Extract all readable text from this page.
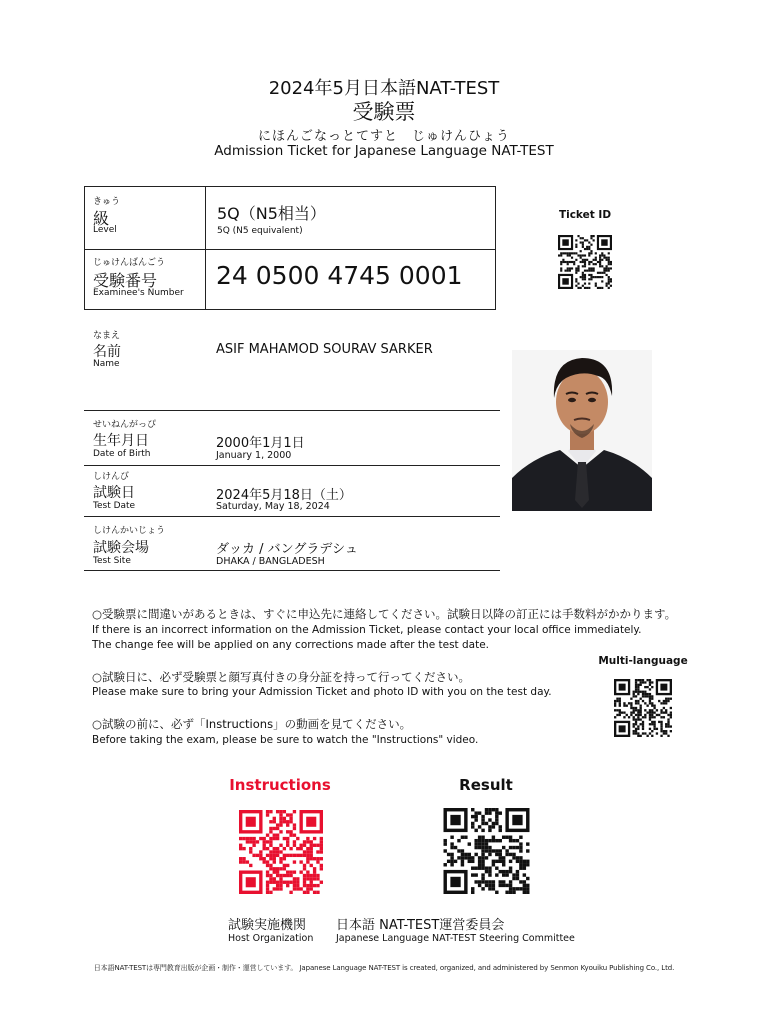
2024年5月日本語NAT-TEST
受験票
にほんごなっとてすと　じゅけんひょう
Admission Ticket for Japanese Language NAT-TEST
きゅう
級
Level
5Q（N5相当）
5Q (N5 equivalent)
じゅけんばんごう
受験番号
Examinee's Number
24 0500 4745 0001
Ticket ID
なまえ
名前
Name
ASIF MAHAMOD SOURAV SARKER
せいねんがっぴ
生年月日
Date of Birth
2000年1月1日
January 1, 2000
しけんび
試験日
Test Date
2024年5月18日（土）
Saturday, May 18, 2024
しけんかいじょう
試験会場
Test Site
ダッカ / バングラデシュ
DHAKA / BANGLADESH
○受験票に間違いがあるときは、すぐに申込先に連絡してください。試験日以降の訂正には手数料がかかります。
If there is an incorrect information on the Admission Ticket, please contact your local office immediately.
The change fee will be applied on any corrections made after the test date.
Multi-language
○試験日に、必ず受験票と顔写真付きの身分証を持って行ってください。
Please make sure to bring your Admission Ticket and photo ID with you on the test day.
○試験の前に、必ず「Instructions」の動画を見てください。
Before taking the exam, please be sure to watch the "Instructions" video.
Instructions	Result
試験実施機関
Host Organization
日本語 NAT-TEST運営委員会
Japanese Language NAT-TEST Steering Committee
日本語NAT-TESTは専門教育出版が企画・制作・運営しています。 Japanese Language NAT-TEST is created, organized, and administered by Senmon Kyouiku Publishing Co., Ltd.
